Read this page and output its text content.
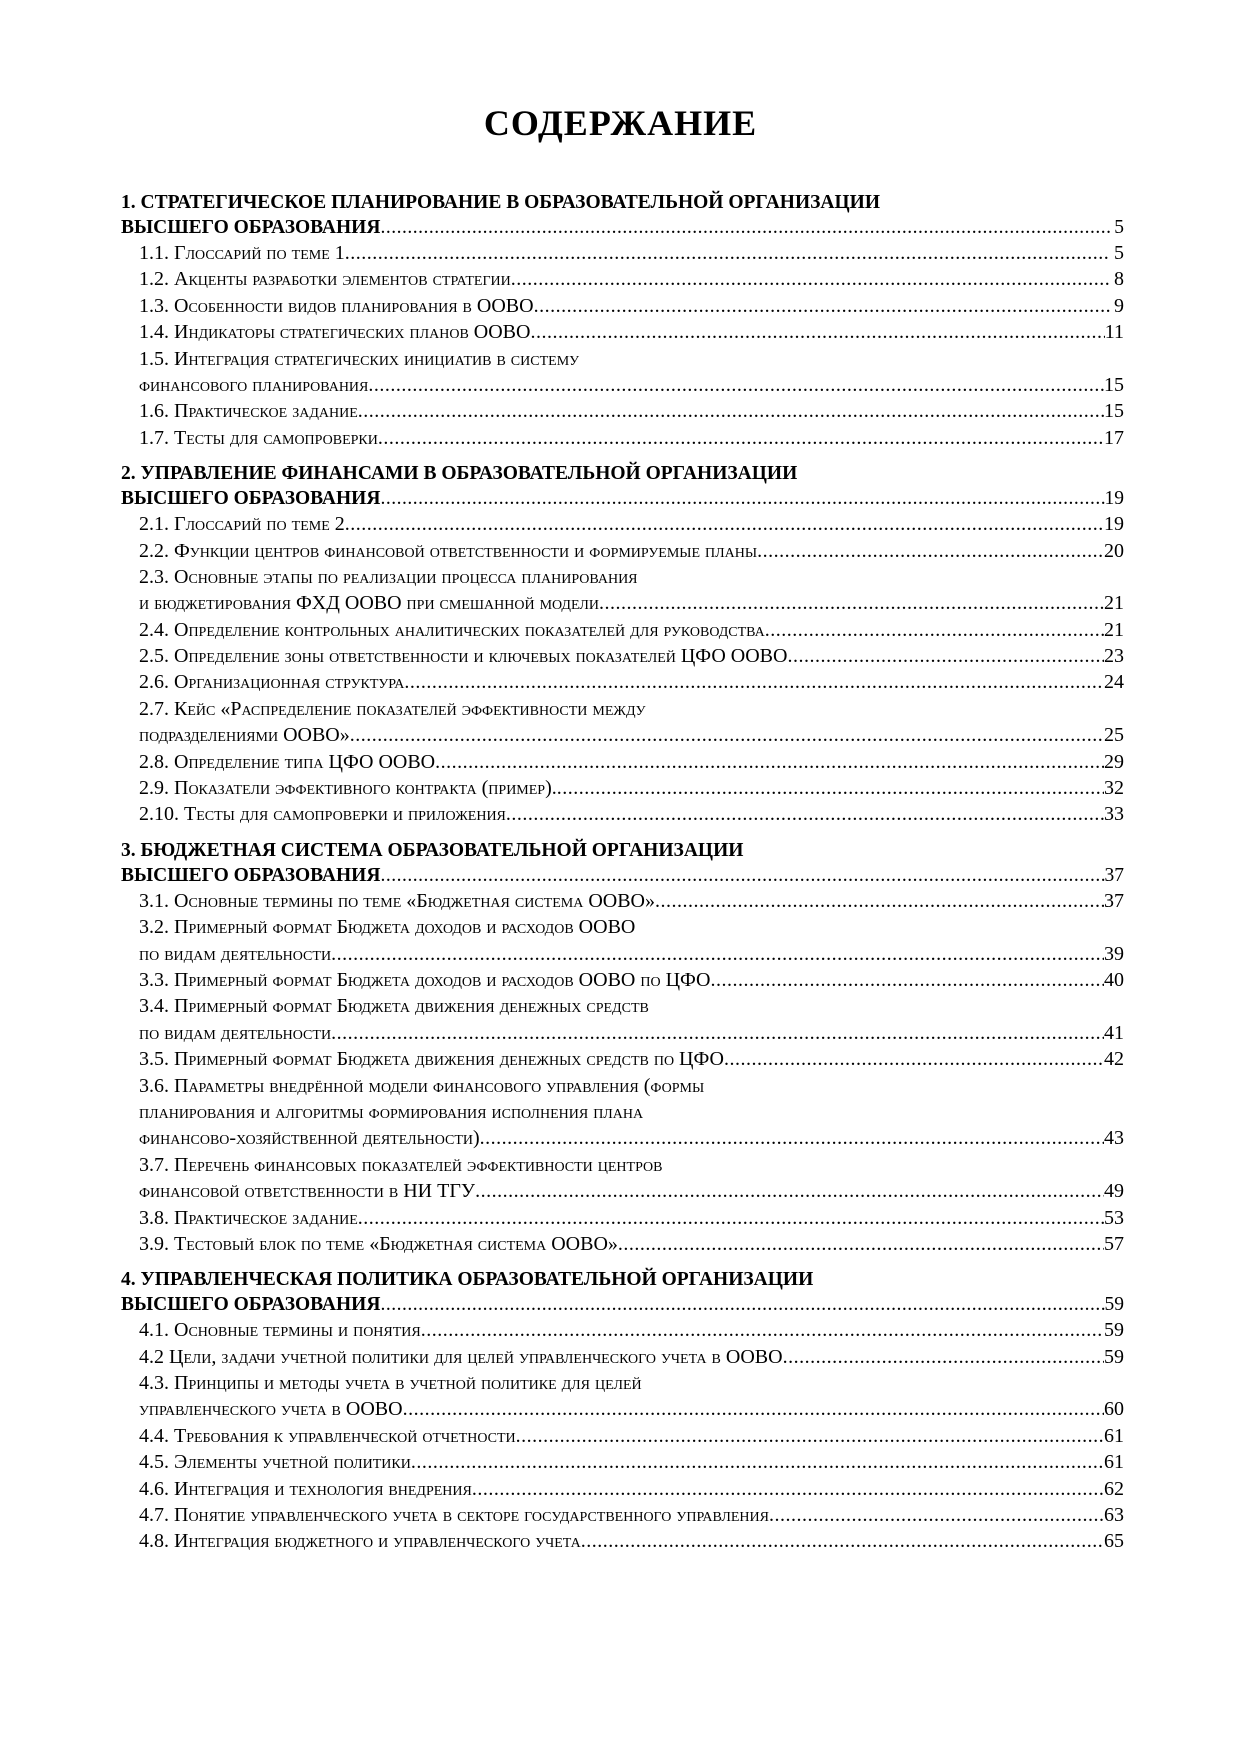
СОДЕРЖАНИЕ
1. СТРАТЕГИЧЕСКОЕ ПЛАНИРОВАНИЕ В ОБРАЗОВАТЕЛЬНОЙ ОРГАНИЗАЦИИ
ВЫСШЕГО ОБРАЗОВАНИЯ .....	5
1.1. Глоссарий по теме 1 .....	5
1.2. Акценты разработки элементов стратегии .....	8
1.3. Особенности видов планирования в ООВО .....	9
1.4. Индикаторы стратегических планов ООВО .....	11
1.5. Интеграция стратегических инициатив в систему
финансового планирования .....	15
1.6. Практическое задание .....	15
1.7. Тесты для самопроверки .....	17
2. УПРАВЛЕНИЕ ФИНАНСАМИ В ОБРАЗОВАТЕЛЬНОЙ ОРГАНИЗАЦИИ
ВЫСШЕГО ОБРАЗОВАНИЯ .....	19
2.1. Глоссарий по теме 2 .....	19
2.2. Функции центров финансовой ответственности и формируемые планы .....	20
2.3. Основные этапы по реализации процесса планирования
и бюджетирования ФХД ООВО при смешанной модели .....	21
2.4. Определение контрольных аналитических показателей для руководства .....	21
2.5. Определение зоны ответственности и ключевых показателей ЦФО ООВО .....	23
2.6. Организационная структура .....	24
2.7. Кейс «Распределение показателей эффективности между
подразделениями ООВО» .....	25
2.8. Определение типа ЦФО ООВО .....	29
2.9. Показатели эффективного контракта (пример). .....	32
2.10. Тесты для самопроверки и приложения .....	33
3. БЮДЖЕТНАЯ СИСТЕМА ОБРАЗОВАТЕЛЬНОЙ ОРГАНИЗАЦИИ
ВЫСШЕГО ОБРАЗОВАНИЯ .....	37
3.1. Основные термины по теме «Бюджетная система ООВО» .....	37
3.2. Примерный формат Бюджета доходов и расходов ООВО
по видам деятельности .....	39
3.3. Примерный формат Бюджета доходов и расходов ООВО по ЦФО .....	40
3.4. Примерный формат Бюджета движения денежных средств
по видам деятельности .....	41
3.5. Примерный формат Бюджета движения денежных средств по ЦФО .....	42
3.6. Параметры внедрённой модели финансового управления (формы
планирования и алгоритмы формирования исполнения плана
финансово-хозяйственной деятельности) .....	43
3.7. Перечень финансовых показателей эффективности центров
финансовой ответственности в НИ ТГУ .....	49
3.8. Практическое задание .....	53
3.9. Тестовый блок по теме «Бюджетная система ООВО» .....	57
4. УПРАВЛЕНЧЕСКАЯ ПОЛИТИКА ОБРАЗОВАТЕЛЬНОЙ ОРГАНИЗАЦИИ
ВЫСШЕГО ОБРАЗОВАНИЯ .....	59
4.1. Основные термины и понятия .....	59
4.2 Цели, задачи учетной политики для целей управленческого учета в ООВО .....	59
4.3. Принципы и методы учета в учетной политике для целей
управленческого учета в ООВО .....	60
4.4. Требования к управленческой отчетности .....	61
4.5. Элементы учетной политики .....	61
4.6. Интеграция и технология внедрения .....	62
4.7. Понятие управленческого учета в секторе государственного управления .....	63
4.8. Интеграция бюджетного и управленческого учета .....	65
